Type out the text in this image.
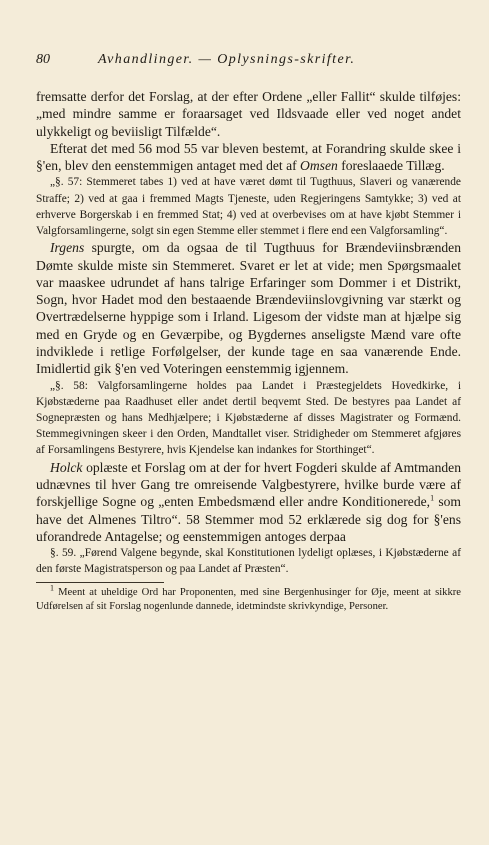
80	Avhandlinger. — Oplysnings-skrifter.

fremsatte derfor det Forslag, at der efter Ordene „eller Fallit“ skulde tilføjes: „med mindre samme er foraarsaget ved Ildsvaade eller ved noget andet ulykkeligt og beviisligt Tilfælde“.

Efterat det med 56 mod 55 var bleven bestemt, at Forandring skulde skee i §'en, blev den eenstemmigen antaget med det af Omsen foreslaaede Tillæg.

„§. 57: Stemmeret tabes 1) ved at have været dømt til Tugthuus, Slaveri og vanærende Straffe; 2) ved at gaa i fremmed Magts Tjeneste, uden Regjeringens Samtykke; 3) ved at erhverve Borgerskab i en fremmed Stat; 4) ved at overbevises om at have kjøbt Stemmer i Valgforsamlingerne, solgt sin egen Stemme eller stemmet i flere end een Valgforsamling“.

Irgens spurgte, om da ogsaa de til Tugthuus for Brændeviinsbrænden Dømte skulde miste sin Stemmeret. Svaret er let at vide; men Spørgsmaalet var maaskee udrundet af hans talrige Erfaringer som Dommer i et Distrikt, Sogn, hvor Hadet mod den bestaaende Brændeviinslovgivning var stærkt og Overtrædelserne hyppige som i Irland. Ligesom der vidste man at hjælpe sig med en Gryde og en Geværpibe, og Bygdernes anseligste Mænd vare ofte indviklede i retlige Forfølgelser, der kunde tage en saa vanærende Ende. Imidlertid gik §'en ved Voteringen eenstemmig igjennem.

„§. 58: Valgforsamlingerne holdes paa Landet i Præstegjeldets Hovedkirke, i Kjøbstæderne paa Raadhuset eller andet dertil beqvemt Sted. De bestyres paa Landet af Sognepræsten og hans Medhjælpere; i Kjøbstæderne af disses Magistrater og Formænd. Stemmegivningen skeer i den Orden, Mandtallet viser. Stridigheder om Stemmeret afgjøres af Forsamlingens Bestyrere, hvis Kjendelse kan indankes for Storthinget“.

Holck oplæste et Forslag om at der for hvert Fogderi skulde af Amtmanden udnævnes til hver Gang tre omreisende Valgbestyrere, hvilke burde være af forskjellige Sogne og „enten Embedsmænd eller andre Konditionerede,$^1$ som have det Almenes Tiltro“. 58 Stemmer mod 52 erklærede sig dog for §'ens uforandrede Antagelse; og eenstemmigen antoges derpaa

§. 59. „Førend Valgene begynde, skal Konstitutionen lydeligt oplæses, i Kjøbstæderne af den første Magistratsperson og paa Landet af Præsten“.

$^1$ Meent at uheldige Ord har Proponenten, med sine Bergenhusinger for Øje, meent at sikkre Udførelsen af sit Forslag nogenlunde dannede, idetmindste skrivkyndige, Personer.
